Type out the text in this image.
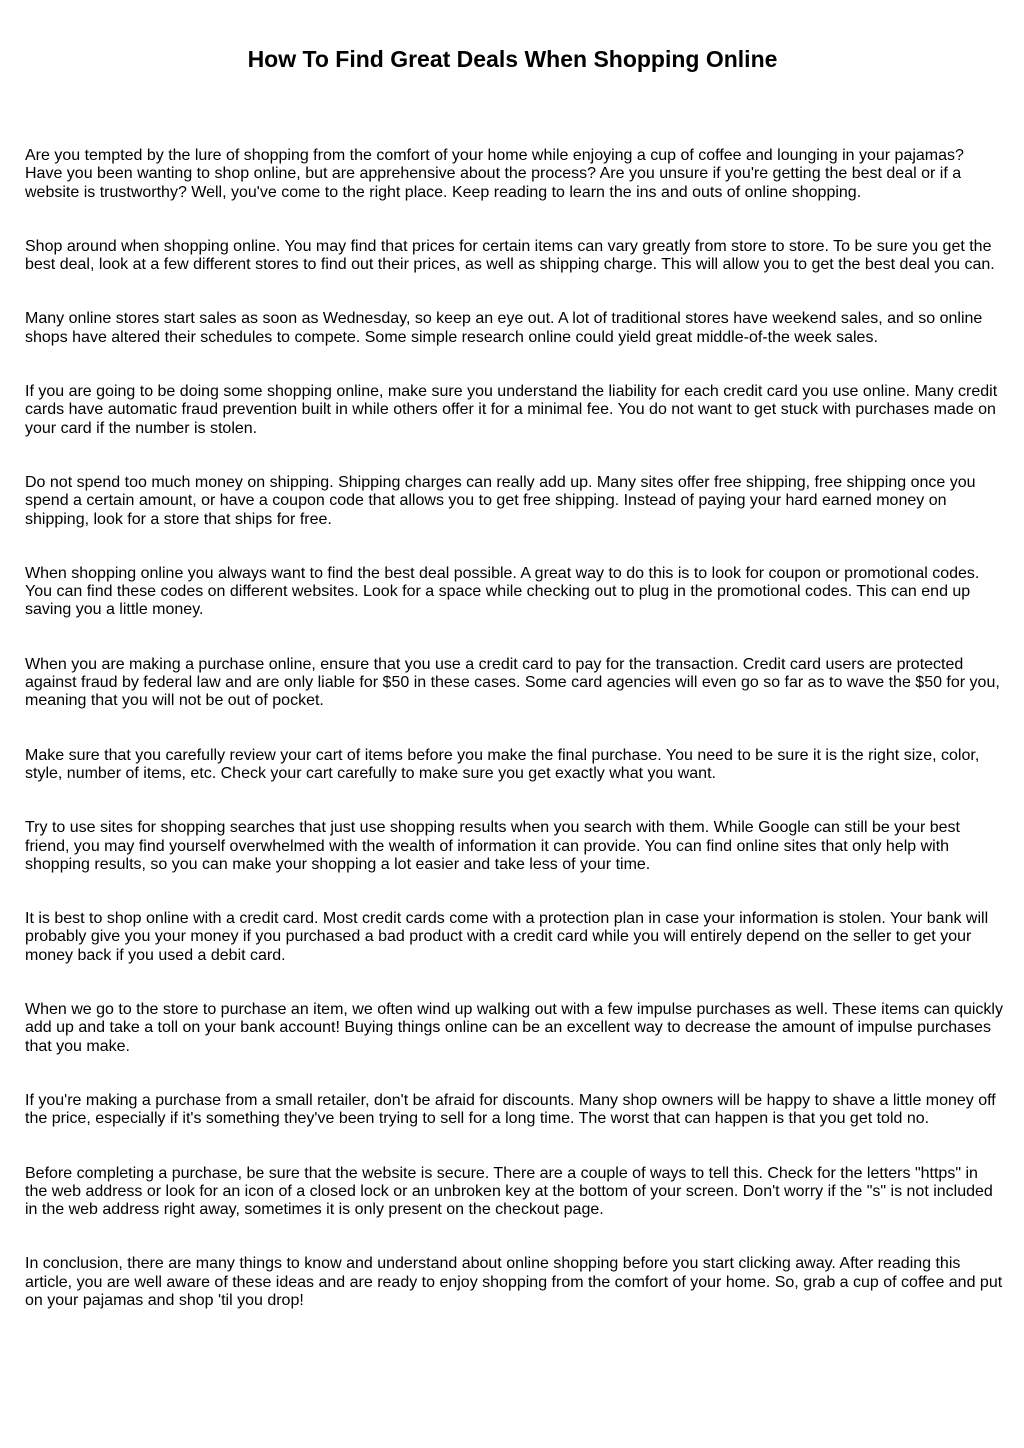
How To Find Great Deals When Shopping Online

Are you tempted by the lure of shopping from the comfort of your home while enjoying a cup of coffee and lounging in your pajamas? Have you been wanting to shop online, but are apprehensive about the process? Are you unsure if you're getting the best deal or if a website is trustworthy? Well, you've come to the right place. Keep reading to learn the ins and outs of online shopping.

Shop around when shopping online. You may find that prices for certain items can vary greatly from store to store. To be sure you get the best deal, look at a few different stores to find out their prices, as well as shipping charge. This will allow you to get the best deal you can.

Many online stores start sales as soon as Wednesday, so keep an eye out. A lot of traditional stores have weekend sales, and so online shops have altered their schedules to compete. Some simple research online could yield great middle-of-the week sales.

If you are going to be doing some shopping online, make sure you understand the liability for each credit card you use online. Many credit cards have automatic fraud prevention built in while others offer it for a minimal fee. You do not want to get stuck with purchases made on your card if the number is stolen.

Do not spend too much money on shipping. Shipping charges can really add up. Many sites offer free shipping, free shipping once you spend a certain amount, or have a coupon code that allows you to get free shipping. Instead of paying your hard earned money on shipping, look for a store that ships for free.

When shopping online you always want to find the best deal possible. A great way to do this is to look for coupon or promotional codes. You can find these codes on different websites. Look for a space while checking out to plug in the promotional codes. This can end up saving you a little money.

When you are making a purchase online, ensure that you use a credit card to pay for the transaction. Credit card users are protected against fraud by federal law and are only liable for $50 in these cases. Some card agencies will even go so far as to wave the $50 for you, meaning that you will not be out of pocket.

Make sure that you carefully review your cart of items before you make the final purchase. You need to be sure it is the right size, color, style, number of items, etc. Check your cart carefully to make sure you get exactly what you want.

Try to use sites for shopping searches that just use shopping results when you search with them. While Google can still be your best friend, you may find yourself overwhelmed with the wealth of information it can provide. You can find online sites that only help with shopping results, so you can make your shopping a lot easier and take less of your time.

It is best to shop online with a credit card. Most credit cards come with a protection plan in case your information is stolen. Your bank will probably give you your money if you purchased a bad product with a credit card while you will entirely depend on the seller to get your money back if you used a debit card.

When we go to the store to purchase an item, we often wind up walking out with a few impulse purchases as well. These items can quickly add up and take a toll on your bank account! Buying things online can be an excellent way to decrease the amount of impulse purchases that you make.

If you're making a purchase from a small retailer, don't be afraid for discounts. Many shop owners will be happy to shave a little money off the price, especially if it's something they've been trying to sell for a long time. The worst that can happen is that you get told no.

Before completing a purchase, be sure that the website is secure. There are a couple of ways to tell this. Check for the letters "https" in the web address or look for an icon of a closed lock or an unbroken key at the bottom of your screen. Don't worry if the "s" is not included in the web address right away, sometimes it is only present on the checkout page.

In conclusion, there are many things to know and understand about online shopping before you start clicking away. After reading this article, you are well aware of these ideas and are ready to enjoy shopping from the comfort of your home. So, grab a cup of coffee and put on your pajamas and shop 'til you drop!
